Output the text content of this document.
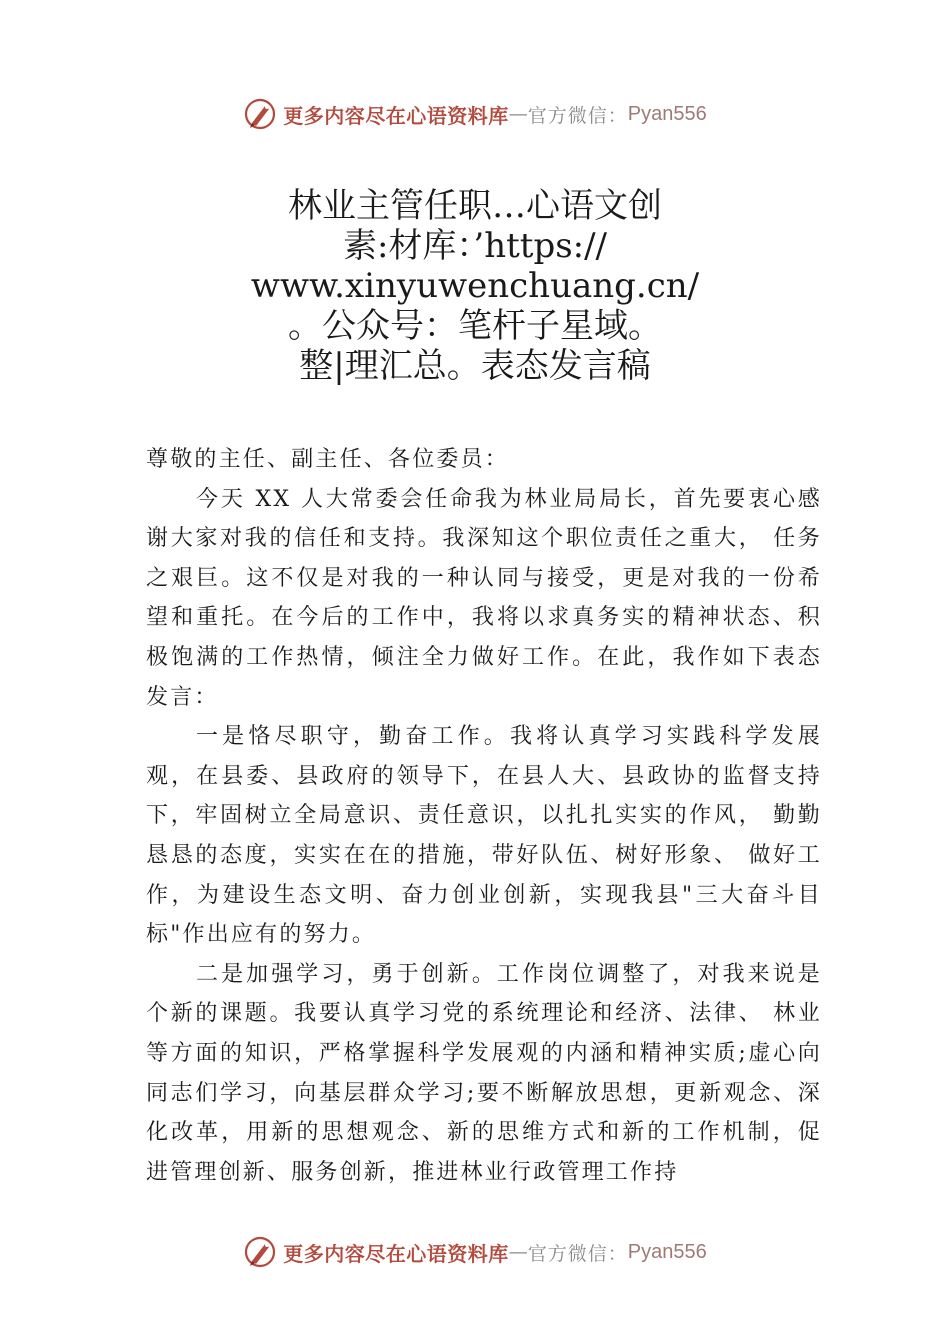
更多内容尽在心语资料库 — 官方微信： Pyan556
林业主管任职…心语文创
素:材库：’https://
www.xinyuwenchuang.cn/
。公众号：笔杆子星域。
整|理汇总。表态发言稿

尊敬的主任、副主任、各位委员：

今天 XX 人大常委会任命我为林业局局长，首先要衷心感谢大家对我的信任和支持。我深知这个职位责任之重大， 任务之艰巨。这不仅是对我的一种认同与接受，更是对我的一份希望和重托。在今后的工作中，我将以求真务实的精神状态、积极饱满的工作热情，倾注全力做好工作。在此，我作如下表态发言：

一是恪尽职守，勤奋工作。我将认真学习实践科学发展观，在县委、县政府的领导下，在县人大、县政协的监督支持下，牢固树立全局意识、责任意识，以扎扎实实的作风， 勤勤恳恳的态度，实实在在的措施，带好队伍、树好形象、 做好工作，为建设生态文明、奋力创业创新，实现我县"三大奋斗目标"作出应有的努力。

二是加强学习，勇于创新。工作岗位调整了，对我来说是个新的课题。我要认真学习党的系统理论和经济、法律、 林业等方面的知识，严格掌握科学发展观的内涵和精神实质;虚心向同志们学习，向基层群众学习;要不断解放思想，更新观念、深化改革，用新的思想观念、新的思维方式和新的工作机制，促进管理创新、服务创新，推进林业行政管理工作持

更多内容尽在心语资料库 — 官方微信： Pyan556
